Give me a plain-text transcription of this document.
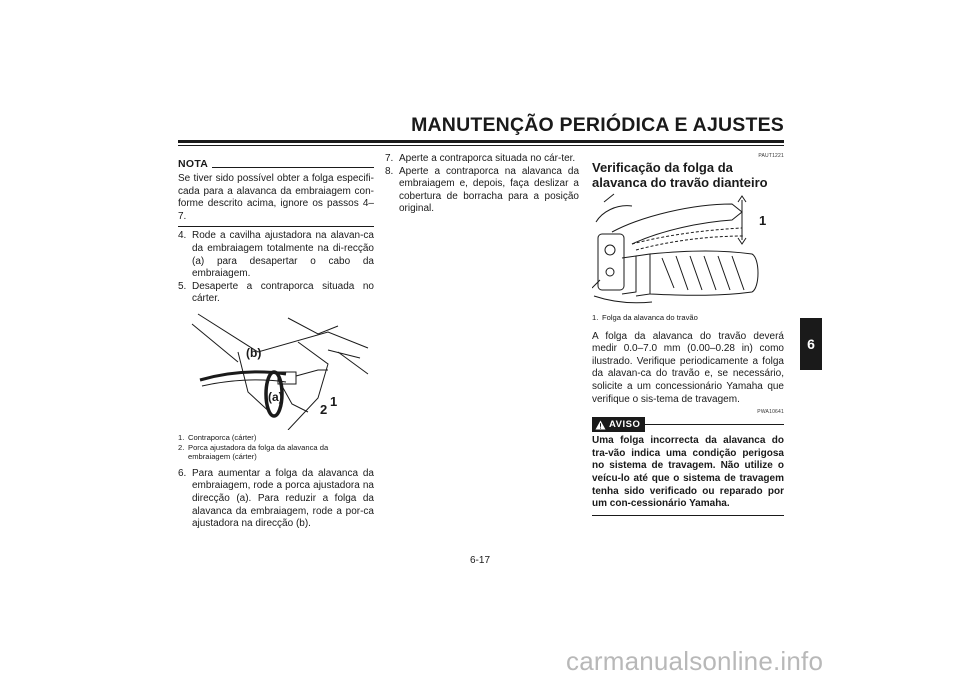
MANUTENÇÃO PERIÓDICA E AJUSTES
6
NOTA

Se tiver sido possível obter a folga especifi-cada para a alavanca da embraiagem con-forme descrito acima, ignore os passos 4–7.

4. Rode a cavilha ajustadora na alavan-ca da embraiagem totalmente na di-recção (a) para desapertar o cabo da embraiagem.
5. Desaperte a contraporca situada no cárter.
(b)
(a)
2
1
1. Contraporca (cárter)
2. Porca ajustadora da folga da alavanca da embraiagem (cárter)
6. Para aumentar a folga da alavanca da embraiagem, rode a porca ajustadora na direcção (a). Para reduzir a folga da alavanca da embraiagem, rode a por-ca ajustadora na direcção (b).
7. Aperte a contraporca situada no cár-ter.
8. Aperte a contraporca na alavanca da embraiagem e, depois, faça deslizar a cobertura de borracha para a posição original.
PAUT1221
Verificação da folga da alavanca do travão dianteiro
1
1. Folga da alavanca do travão

A folga da alavanca do travão deverá medir 0.0–7.0 mm (0.00–0.28 in) como ilustrado. Verifique periodicamente a folga da alavan-ca do travão e, se necessário, solicite a um concessionário Yamaha que verifique o sis-tema de travagem.

PWA10641
AVISO

Uma folga incorrecta da alavanca do tra-vão indica uma condição perigosa no sistema de travagem. Não utilize o veícu-lo até que o sistema de travagem tenha sido verificado ou reparado por um con-cessionário Yamaha.

6-17
carmanualsonline.info
